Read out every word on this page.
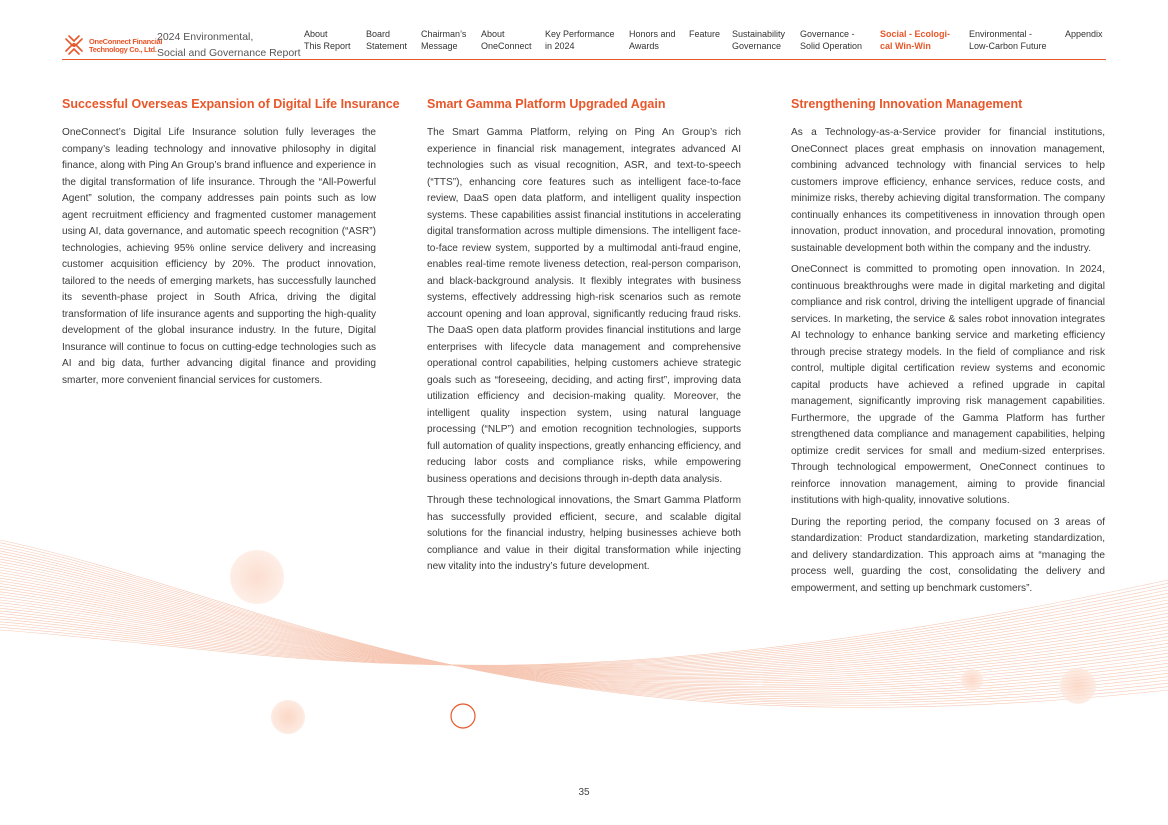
OneConnect Financial
Technology Co., Ltd.
2024 Environmental,
Social and Governance Report
About
This Report
Board
Statement
Chairman’s
Message
About
OneConnect
Key Performance
in 2024
Honors and
Awards
Feature Sustainability
Governance
Governance -
Solid Operation
Social - Ecologi-
cal Win-Win
Environmental -
Low-Carbon Future
Appendix
Successful Overseas Expansion of Digital Life Insurance

OneConnect’s Digital Life Insurance solution fully leverages the company’s leading technology and innovative philosophy in digital finance, along with Ping An Group’s brand influence and experience in the digital transformation of life insurance. Through the “All-Powerful Agent” solution, the company addresses pain points such as low agent recruitment efficiency and fragmented customer management using AI, data governance, and automatic speech recognition (“ASR”) technologies, achieving 95% online service delivery and increasing customer acquisition efficiency by 20%. The product innovation, tailored to the needs of emerging markets, has successfully launched its seventh-phase project in South Africa, driving the digital transformation of life insurance agents and supporting the high-quality development of the global insurance industry. In the future, Digital Insurance will continue to focus on cutting-edge technologies such as AI and big data, further advancing digital finance and providing smarter, more convenient financial services for customers.

Smart Gamma Platform Upgraded Again

The Smart Gamma Platform, relying on Ping An Group’s rich experience in financial risk management, integrates advanced AI technologies such as visual recognition, ASR, and text-to-speech (“TTS”), enhancing core features such as intelligent face-to-face review, DaaS open data platform, and intelligent quality inspection systems. These capabilities assist financial institutions in accelerating digital transformation across multiple dimensions. The intelligent face-to-face review system, supported by a multimodal anti-fraud engine, enables real-time remote liveness detection, real-person comparison, and black-background analysis. It flexibly integrates with business systems, effectively addressing high-risk scenarios such as remote account opening and loan approval, significantly reducing fraud risks. The DaaS open data platform provides financial institutions and large enterprises with lifecycle data management and comprehensive operational control capabilities, helping customers achieve strategic goals such as “foreseeing, deciding, and acting first”, improving data utilization efficiency and decision-making quality. Moreover, the intelligent quality inspection system, using natural language processing (“NLP”) and emotion recognition technologies, supports full automation of quality inspections, greatly enhancing efficiency, and reducing labor costs and compliance risks, while empowering business operations and decisions through in-depth data analysis.

Through these technological innovations, the Smart Gamma Platform has successfully provided efficient, secure, and scalable digital solutions for the financial industry, helping businesses achieve both compliance and value in their digital transformation while injecting new vitality into the industry’s future development.

Strengthening Innovation Management

As a Technology-as-a-Service provider for financial institutions, OneConnect places great emphasis on innovation management, combining advanced technology with financial services to help customers improve efficiency, enhance services, reduce costs, and minimize risks, thereby achieving digital transformation. The company continually enhances its competitiveness in innovation through open innovation, product innovation, and procedural innovation, promoting sustainable development both within the company and the industry.

OneConnect is committed to promoting open innovation. In 2024, continuous breakthroughs were made in digital marketing and digital compliance and risk control, driving the intelligent upgrade of financial services. In marketing, the service & sales robot innovation integrates AI technology to enhance banking service and marketing efficiency through precise strategy models. In the field of compliance and risk control, multiple digital certification review systems and economic capital products have achieved a refined upgrade in capital management, significantly improving risk management capabilities. Furthermore, the upgrade of the Gamma Platform has further strengthened data compliance and management capabilities, helping optimize credit services for small and medium-sized enterprises. Through technological empowerment, OneConnect continues to reinforce innovation management, aiming to provide financial institutions with high-quality, innovative solutions.

During the reporting period, the company focused on 3 areas of standardization: Product standardization, marketing standardization, and delivery standardization. This approach aims at “managing the process well, guarding the cost, consolidating the delivery and empowerment, and setting up benchmark customers”.

35
